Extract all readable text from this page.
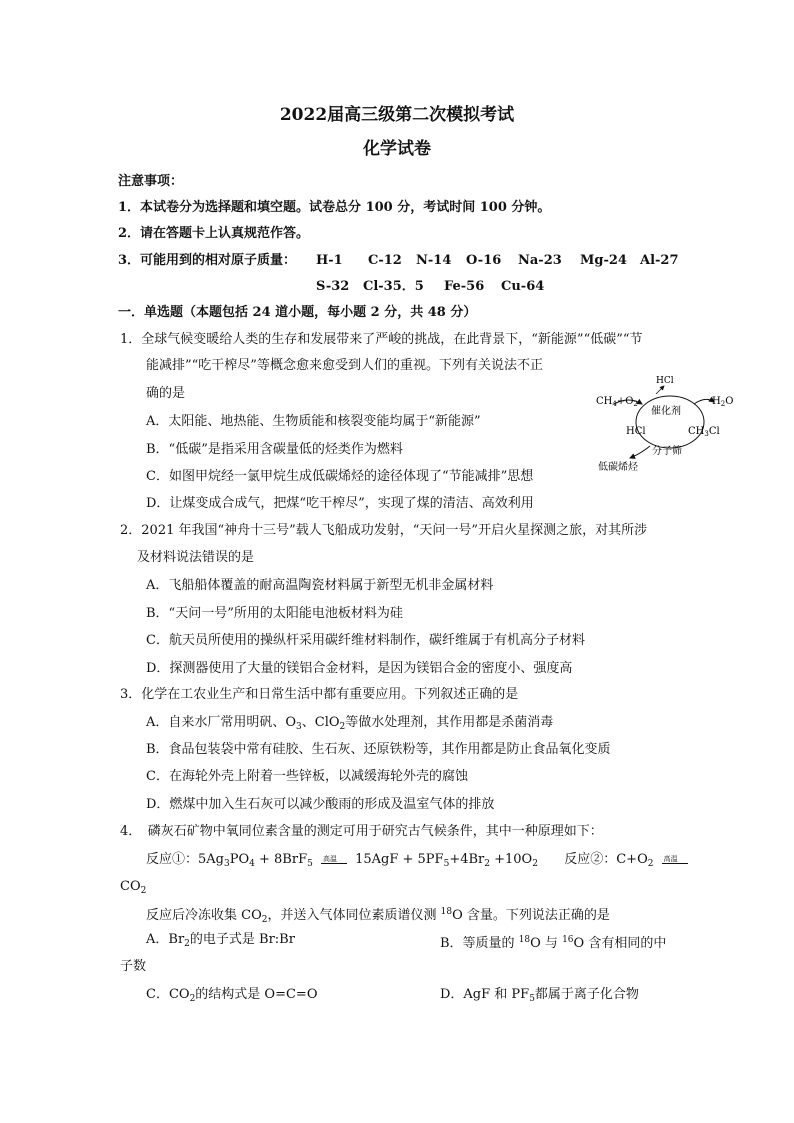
2022届高三级第二次模拟考试
化学试卷
注意事项：
1．本试卷分为选择题和填空题。试卷总分 100 分，考试时间 100 分钟。
2．请在答题卡上认真规范作答。
3．可能用到的相对原子质量： H-1 C-12 N-14 O-16 Na-23 Mg-24 Al-27
S-32 Cl-35．5 Fe-56 Cu-64
一．单选题（本题包括 24 道小题，每小题 2 分，共 48 分）
1．全球气候变暖给人类的生存和发展带来了严峻的挑战，在此背景下，“新能源”“低碳”“节
能减排”“吃干榨尽”等概念愈来愈受到人们的重视。下列有关说法不正
确的是
A．太阳能、地热能、生物质能和核裂变能均属于“新能源”
B．“低碳”是指采用含碳量低的烃类作为燃料
C．如图甲烷经一氯甲烷生成低碳烯烃的途径体现了“节能减排”思想
D．让煤变成合成气，把煤“吃干榨尽”，实现了煤的清洁、高效利用
HCl
$CH_4+O_2$
催化剂
$H_2O$
HCl	$CH_3Cl$
分子筛
低碳烯烃
2．2021 年我国“神舟十三号”载人飞船成功发射，“天问一号”开启火星探测之旅，对其所涉
及材料说法错误的是
A．飞船船体覆盖的耐高温陶瓷材料属于新型无机非金属材料
B．“天问一号”所用的太阳能电池板材料为硅
C．航天员所使用的操纵杆采用碳纤维材料制作，碳纤维属于有机高分子材料
D．探测器使用了大量的镁铝合金材料，是因为镁铝合金的密度小、强度高
3．化学在工农业生产和日常生活中都有重要应用。下列叙述正确的是
A．自来水厂常用明矾、$O_3$、ClO$_2$等做水处理剂，其作用都是杀菌消毒
B．食品包装袋中常有硅胶、生石灰、还原铁粉等，其作用都是防止食品氧化变质
C．在海轮外壳上附着一些锌板，以减缓海轮外壳的腐蚀
D．燃煤中加入生石灰可以减少酸雨的形成及温室气体的排放
4．　磷灰石矿物中氧同位素含量的测定可用于研究古气候条件，其中一种原理如下：
反应①：$5Ag_3PO_4 + 8BrF_5$
高温 $15AgF + 5PF_5+4Br_2 +10O_2$ 反应②：$C+O_2$
高温
$CO_2$
反应后冷冻收集 $CO_2$，并送入气体同位素质谱仪测 $^{18}$O 含量。下列说法正确的是
A．$Br_2$的电子式是 Br:Br	B．等质量的 $^{18}$O 与 $^{16}$O 含有相同的中
子数
C．$CO_2$的结构式是 O=C=O	D．AgF 和 $PF_5$都属于离子化合物
